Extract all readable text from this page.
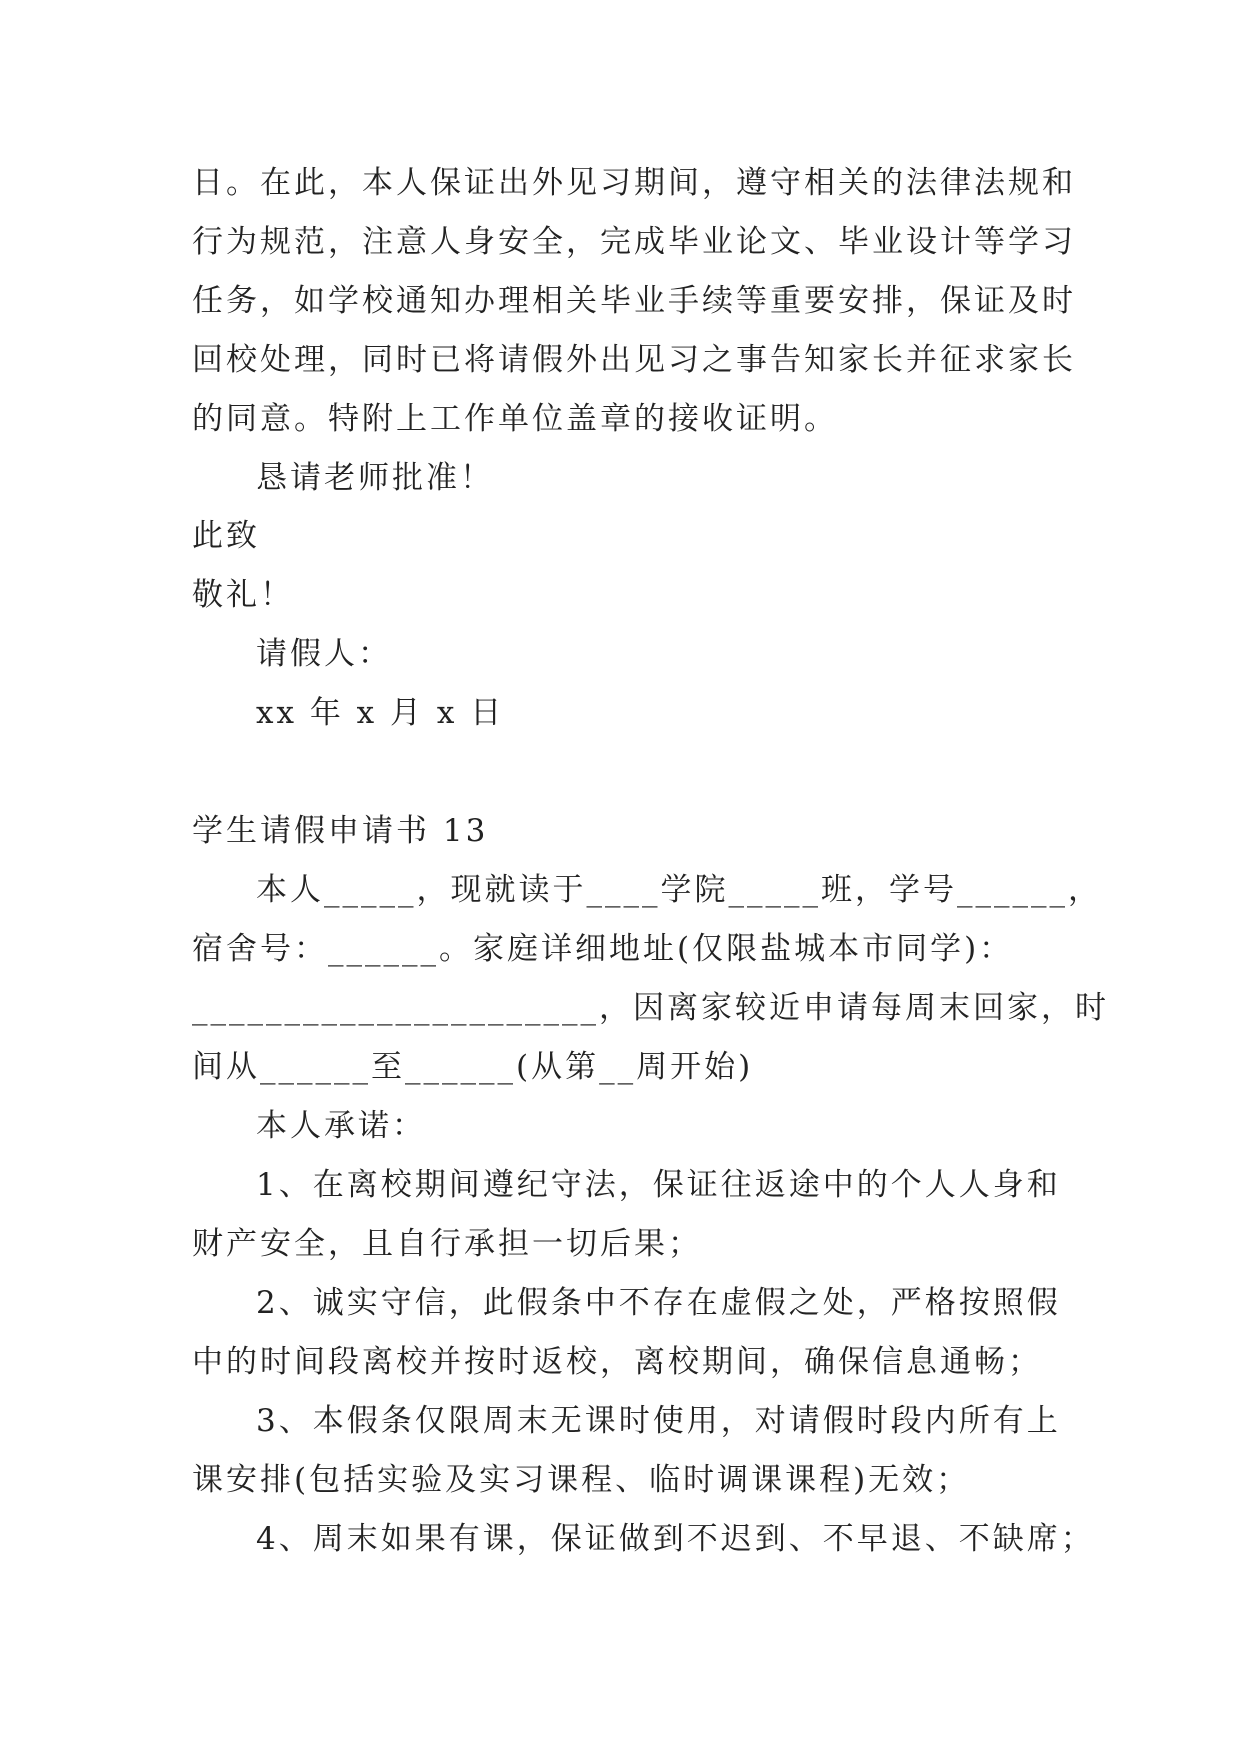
日。在此，本人保证出外见习期间，遵守相关的法律法规和
行为规范，注意人身安全，完成毕业论文、毕业设计等学习
任务，如学校通知办理相关毕业手续等重要安排，保证及时
回校处理，同时已将请假外出见习之事告知家长并征求家长
的同意。特附上工作单位盖章的接收证明。
恳请老师批准！
此致
敬礼！
请假人：
xx 年 x 月 x 日
学生请假申请书 13
本人_____，现就读于____学院_____班，学号______，
宿舍号：______。家庭详细地址(仅限盐城本市同学)：
______________________，因离家较近申请每周末回家，时
间从______至______(从第__周开始)
本人承诺：
1、在离校期间遵纪守法，保证往返途中的个人人身和
财产安全，且自行承担一切后果；
2、诚实守信，此假条中不存在虚假之处，严格按照假
中的时间段离校并按时返校，离校期间，确保信息通畅；
3、本假条仅限周末无课时使用，对请假时段内所有上
课安排(包括实验及实习课程、临时调课课程)无效；
4、周末如果有课，保证做到不迟到、不早退、不缺席；
